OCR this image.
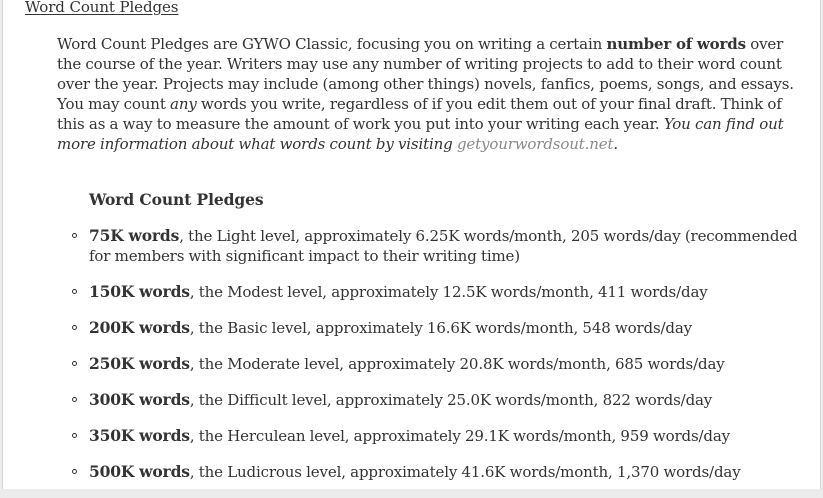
Word Count Pledges

Word Count Pledges are GYWO Classic, focusing you on writing a certain number of words over the course of the year. Writers may use any number of writing projects to add to their word count over the year. Projects may include (among other things) novels, fanfics, poems, songs, and essays. You may count any words you write, regardless of if you edit them out of your final draft. Think of this as a way to measure the amount of work you put into your writing each year. You can find out more information about what words count by visiting getyourwordsout.net.

Word Count Pledges
75K words, the Light level, approximately 6.25K words/month, 205 words/day (recommended for members with significant impact to their writing time)
150K words, the Modest level, approximately 12.5K words/month, 411 words/day
200K words, the Basic level, approximately 16.6K words/month, 548 words/day
250K words, the Moderate level, approximately 20.8K words/month, 685 words/day
300K words, the Difficult level, approximately 25.0K words/month, 822 words/day
350K words, the Herculean level, approximately 29.1K words/month, 959 words/day
500K words, the Ludicrous level, approximately 41.6K words/month, 1,370 words/day
